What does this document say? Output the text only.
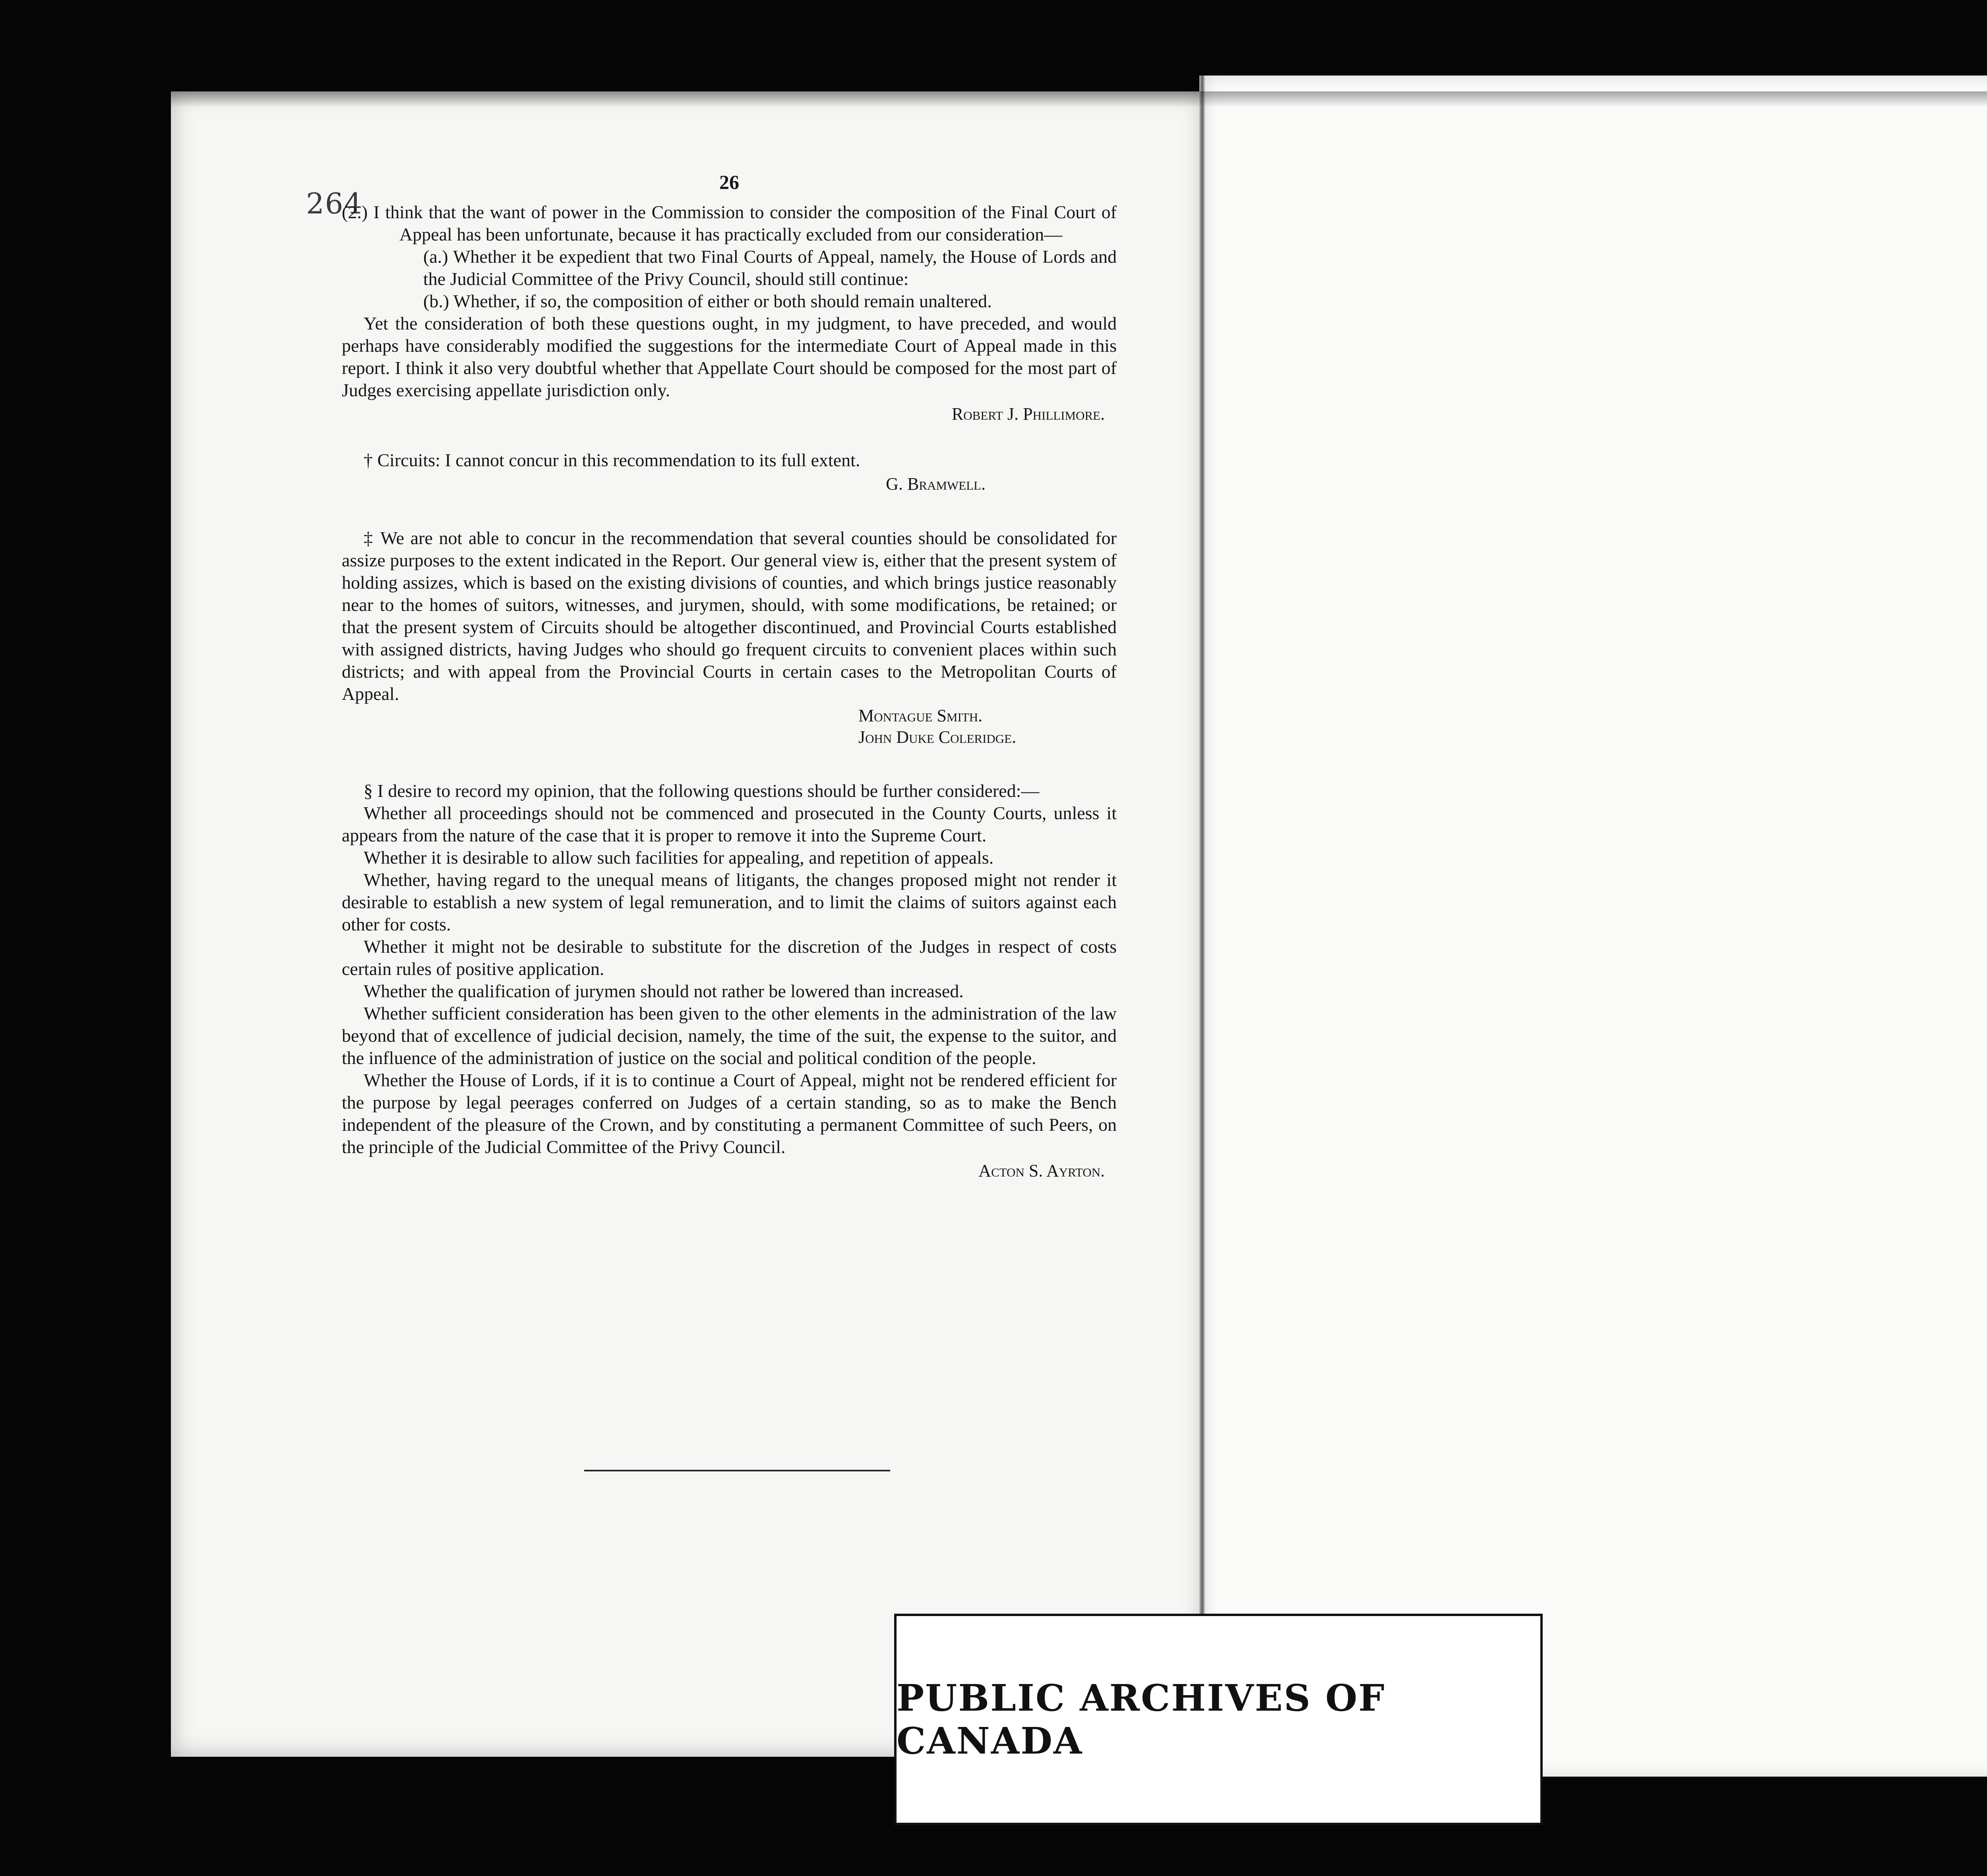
264
26

(2.) I think that the want of power in the Commission to consider the composition of the Final Court of Appeal has been unfortunate, because it has practically excluded from our consideration—

(a.) Whether it be expedient that two Final Courts of Appeal, namely, the House of Lords and the Judicial Committee of the Privy Council, should still continue:

(b.) Whether, if so, the composition of either or both should remain unaltered.

Yet the consideration of both these questions ought, in my judgment, to have preceded, and would perhaps have considerably modified the suggestions for the intermediate Court of Appeal made in this report. I think it also very doubtful whether that Appellate Court should be composed for the most part of Judges exercising appellate jurisdiction only.

Robert J. Phillimore.

† Circuits: I cannot concur in this recommendation to its full extent.

G. Bramwell.

‡ We are not able to concur in the recommendation that several counties should be consolidated for assize purposes to the extent indicated in the Report. Our general view is, either that the present system of holding assizes, which is based on the existing divisions of counties, and which brings justice reasonably near to the homes of suitors, witnesses, and jurymen, should, with some modifications, be retained; or that the present system of Circuits should be altogether discontinued, and Provincial Courts established with assigned districts, having Judges who should go frequent circuits to convenient places within such districts; and with appeal from the Provincial Courts in certain cases to the Metropolitan Courts of Appeal.

Montague Smith.
John Duke Coleridge.

§ I desire to record my opinion, that the following questions should be further considered:—

Whether all proceedings should not be commenced and prosecuted in the County Courts, unless it appears from the nature of the case that it is proper to remove it into the Supreme Court.

Whether it is desirable to allow such facilities for appealing, and repetition of appeals.

Whether, having regard to the unequal means of litigants, the changes proposed might not render it desirable to establish a new system of legal remuneration, and to limit the claims of suitors against each other for costs.

Whether it might not be desirable to substitute for the discretion of the Judges in respect of costs certain rules of positive application.

Whether the qualification of jurymen should not rather be lowered than increased.

Whether sufficient consideration has been given to the other elements in the administration of the law beyond that of excellence of judicial decision, namely, the time of the suit, the expense to the suitor, and the influence of the administration of justice on the social and political condition of the people.

Whether the House of Lords, if it is to continue a Court of Appeal, might not be rendered efficient for the purpose by legal peerages conferred on Judges of a certain standing, so as to make the Bench independent of the pleasure of the Crown, and by constituting a permanent Committee of such Peers, on the principle of the Judicial Committee of the Privy Council.

Acton S. Ayrton.
PUBLIC ARCHIVES OF CANADA
